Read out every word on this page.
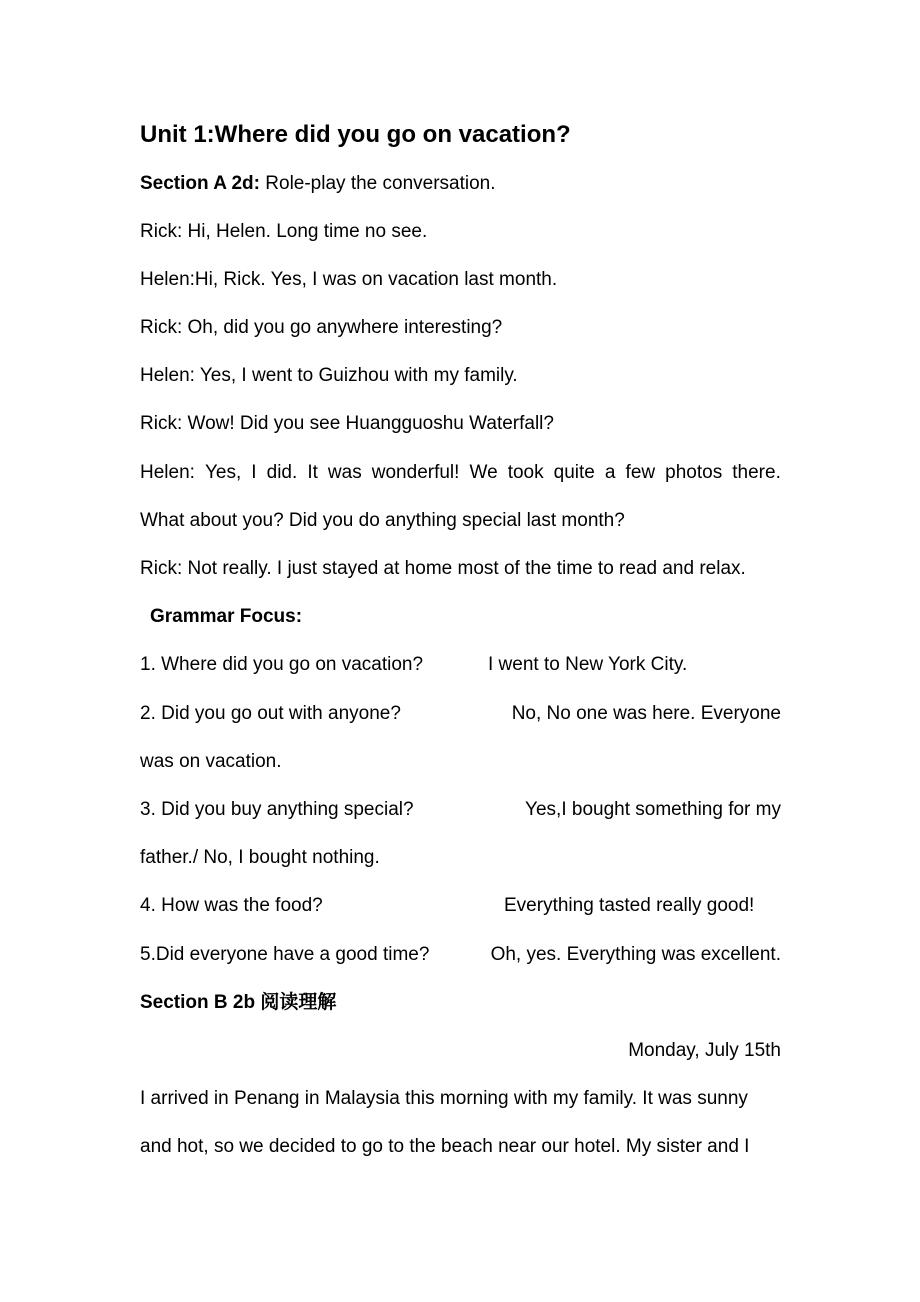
Unit 1:Where did you go on vacation?
Section A 2d: Role-play the conversation.
Rick: Hi, Helen. Long time no see.
Helen:Hi, Rick. Yes, I was on vacation last month.
Rick: Oh, did you go anywhere interesting?
Helen: Yes, I went to Guizhou with my family.
Rick: Wow! Did you see Huangguoshu Waterfall?
Helen: Yes, I did. It was wonderful! We took quite a few photos there.
What about you? Did you do anything special last month?
Rick: Not really. I just stayed at home most of the time to read and relax.
Grammar Focus:
1. Where did you go on vacation?	I went to New York City.
2. Did you go out with anyone?	No, No one was here. Everyone
was on vacation.
3. Did you buy anything special?	Yes,I bought something for my
father./ No, I bought nothing.
4. How was the food?	Everything tasted really good!
5.Did everyone have a good time?	Oh, yes. Everything was excellent.
Section B 2b 阅读理解
Monday, July 15th
I arrived in Penang in Malaysia this morning with my family. It was sunny
and hot, so we decided to go to the beach near our hotel. My sister and I
